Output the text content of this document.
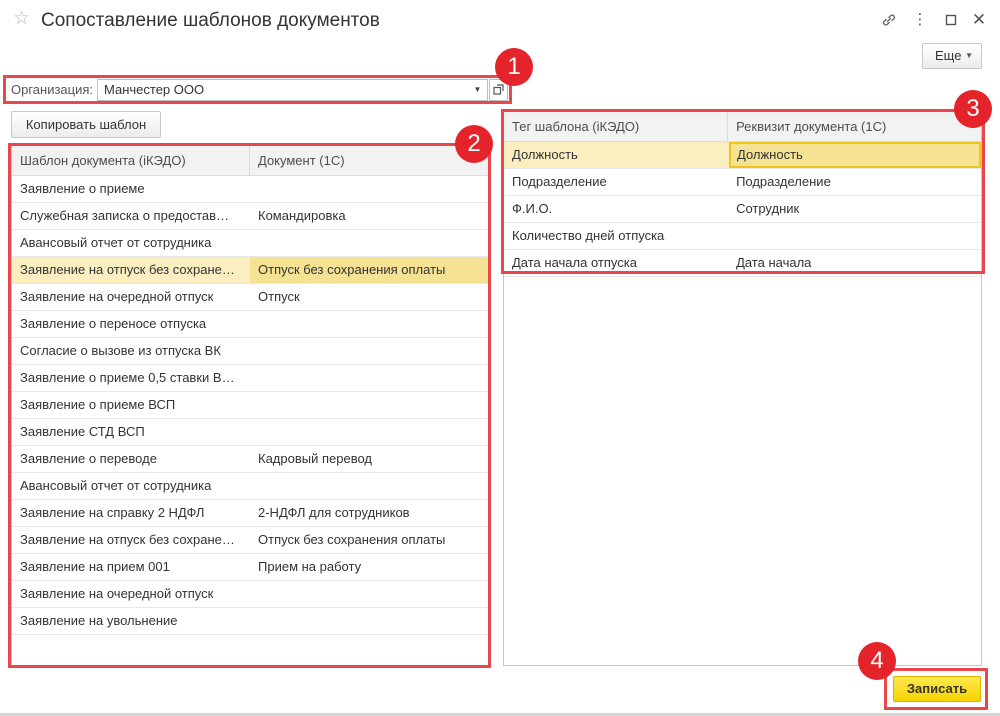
☆ Сопоставление шаблонов документов	⋮	✕
Еще ▼
Организация: Манчестер ООО	▼
Копировать шаблон
Шаблон документа (iКЭДО)	Документ (1С)
Заявление о приеме
Служебная записка о предостав…	Командировка
Авансовый отчет от сотрудника
Заявление на отпуск без сохране…	Отпуск без сохранения оплаты
Заявление на очередной отпуск	Отпуск
Заявление о переносе отпуска
Согласие о вызове из отпуска ВК
Заявление о приеме 0,5 ставки В…
Заявление о приеме ВСП
Заявление СТД ВСП
Заявление о переводе	Кадровый перевод
Авансовый отчет от сотрудника
Заявление на справку 2 НДФЛ	2-НДФЛ для сотрудников
Заявление на отпуск без сохране…	Отпуск без сохранения оплаты
Заявление на прием 001	Прием на работу
Заявление на очередной отпуск
Заявление на увольнение
Тег шаблона (iКЭДО)	Реквизит документа (1С)
Должность	Должность
Подразделение	Подразделение
Ф.И.О.	Сотрудник
Количество дней отпуска
Дата начала отпуска	Дата начала
Записать
1
2
3
4
